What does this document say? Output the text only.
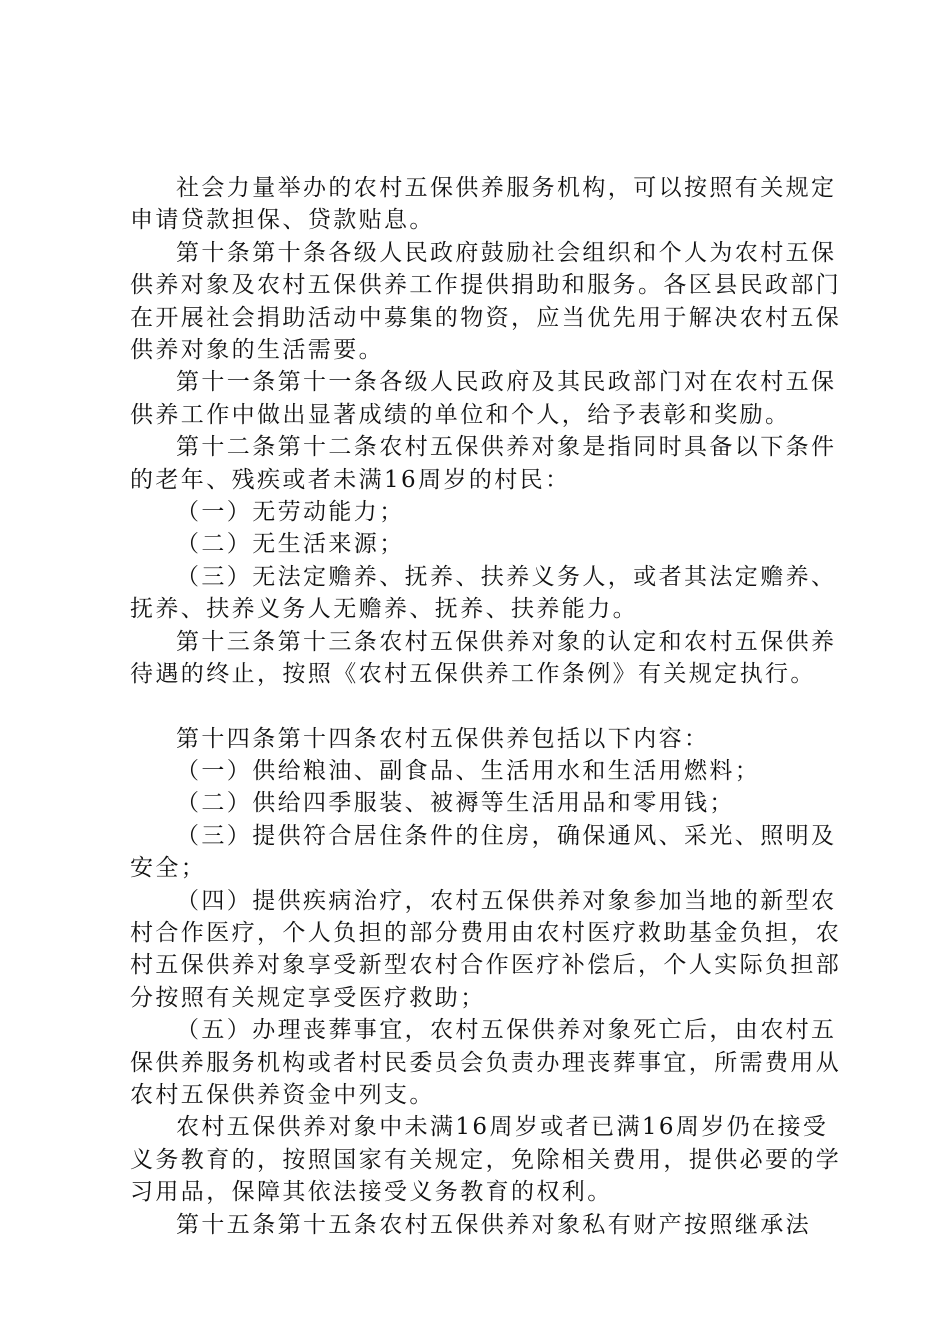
社会力量举办的农村五保供养服务机构，可以按照有关规定申请贷款担保、贷款贴息。

第十条第十条各级人民政府鼓励社会组织和个人为农村五保供养对象及农村五保供养工作提供捐助和服务。各区县民政部门在开展社会捐助活动中募集的物资，应当优先用于解决农村五保供养对象的生活需要。

第十一条第十一条各级人民政府及其民政部门对在农村五保供养工作中做出显著成绩的单位和个人，给予表彰和奖励。

第十二条第十二条农村五保供养对象是指同时具备以下条件的老年、残疾或者未满16周岁的村民：

（一）无劳动能力；

（二）无生活来源；

（三）无法定赡养、抚养、扶养义务人，或者其法定赡养、抚养、扶养义务人无赡养、抚养、扶养能力。

第十三条第十三条农村五保供养对象的认定和农村五保供养待遇的终止，按照《农村五保供养工作条例》有关规定执行。

第十四条第十四条农村五保供养包括以下内容：

（一）供给粮油、副食品、生活用水和生活用燃料；

（二）供给四季服装、被褥等生活用品和零用钱；

（三）提供符合居住条件的住房，确保通风、采光、照明及安全；

（四）提供疾病治疗，农村五保供养对象参加当地的新型农村合作医疗，个人负担的部分费用由农村医疗救助基金负担，农村五保供养对象享受新型农村合作医疗补偿后，个人实际负担部分按照有关规定享受医疗救助；

（五）办理丧葬事宜，农村五保供养对象死亡后，由农村五保供养服务机构或者村民委员会负责办理丧葬事宜，所需费用从农村五保供养资金中列支。

农村五保供养对象中未满16周岁或者已满16周岁仍在接受义务教育的，按照国家有关规定，免除相关费用，提供必要的学习用品，保障其依法接受义务教育的权利。

第十五条第十五条农村五保供养对象私有财产按照继承法
